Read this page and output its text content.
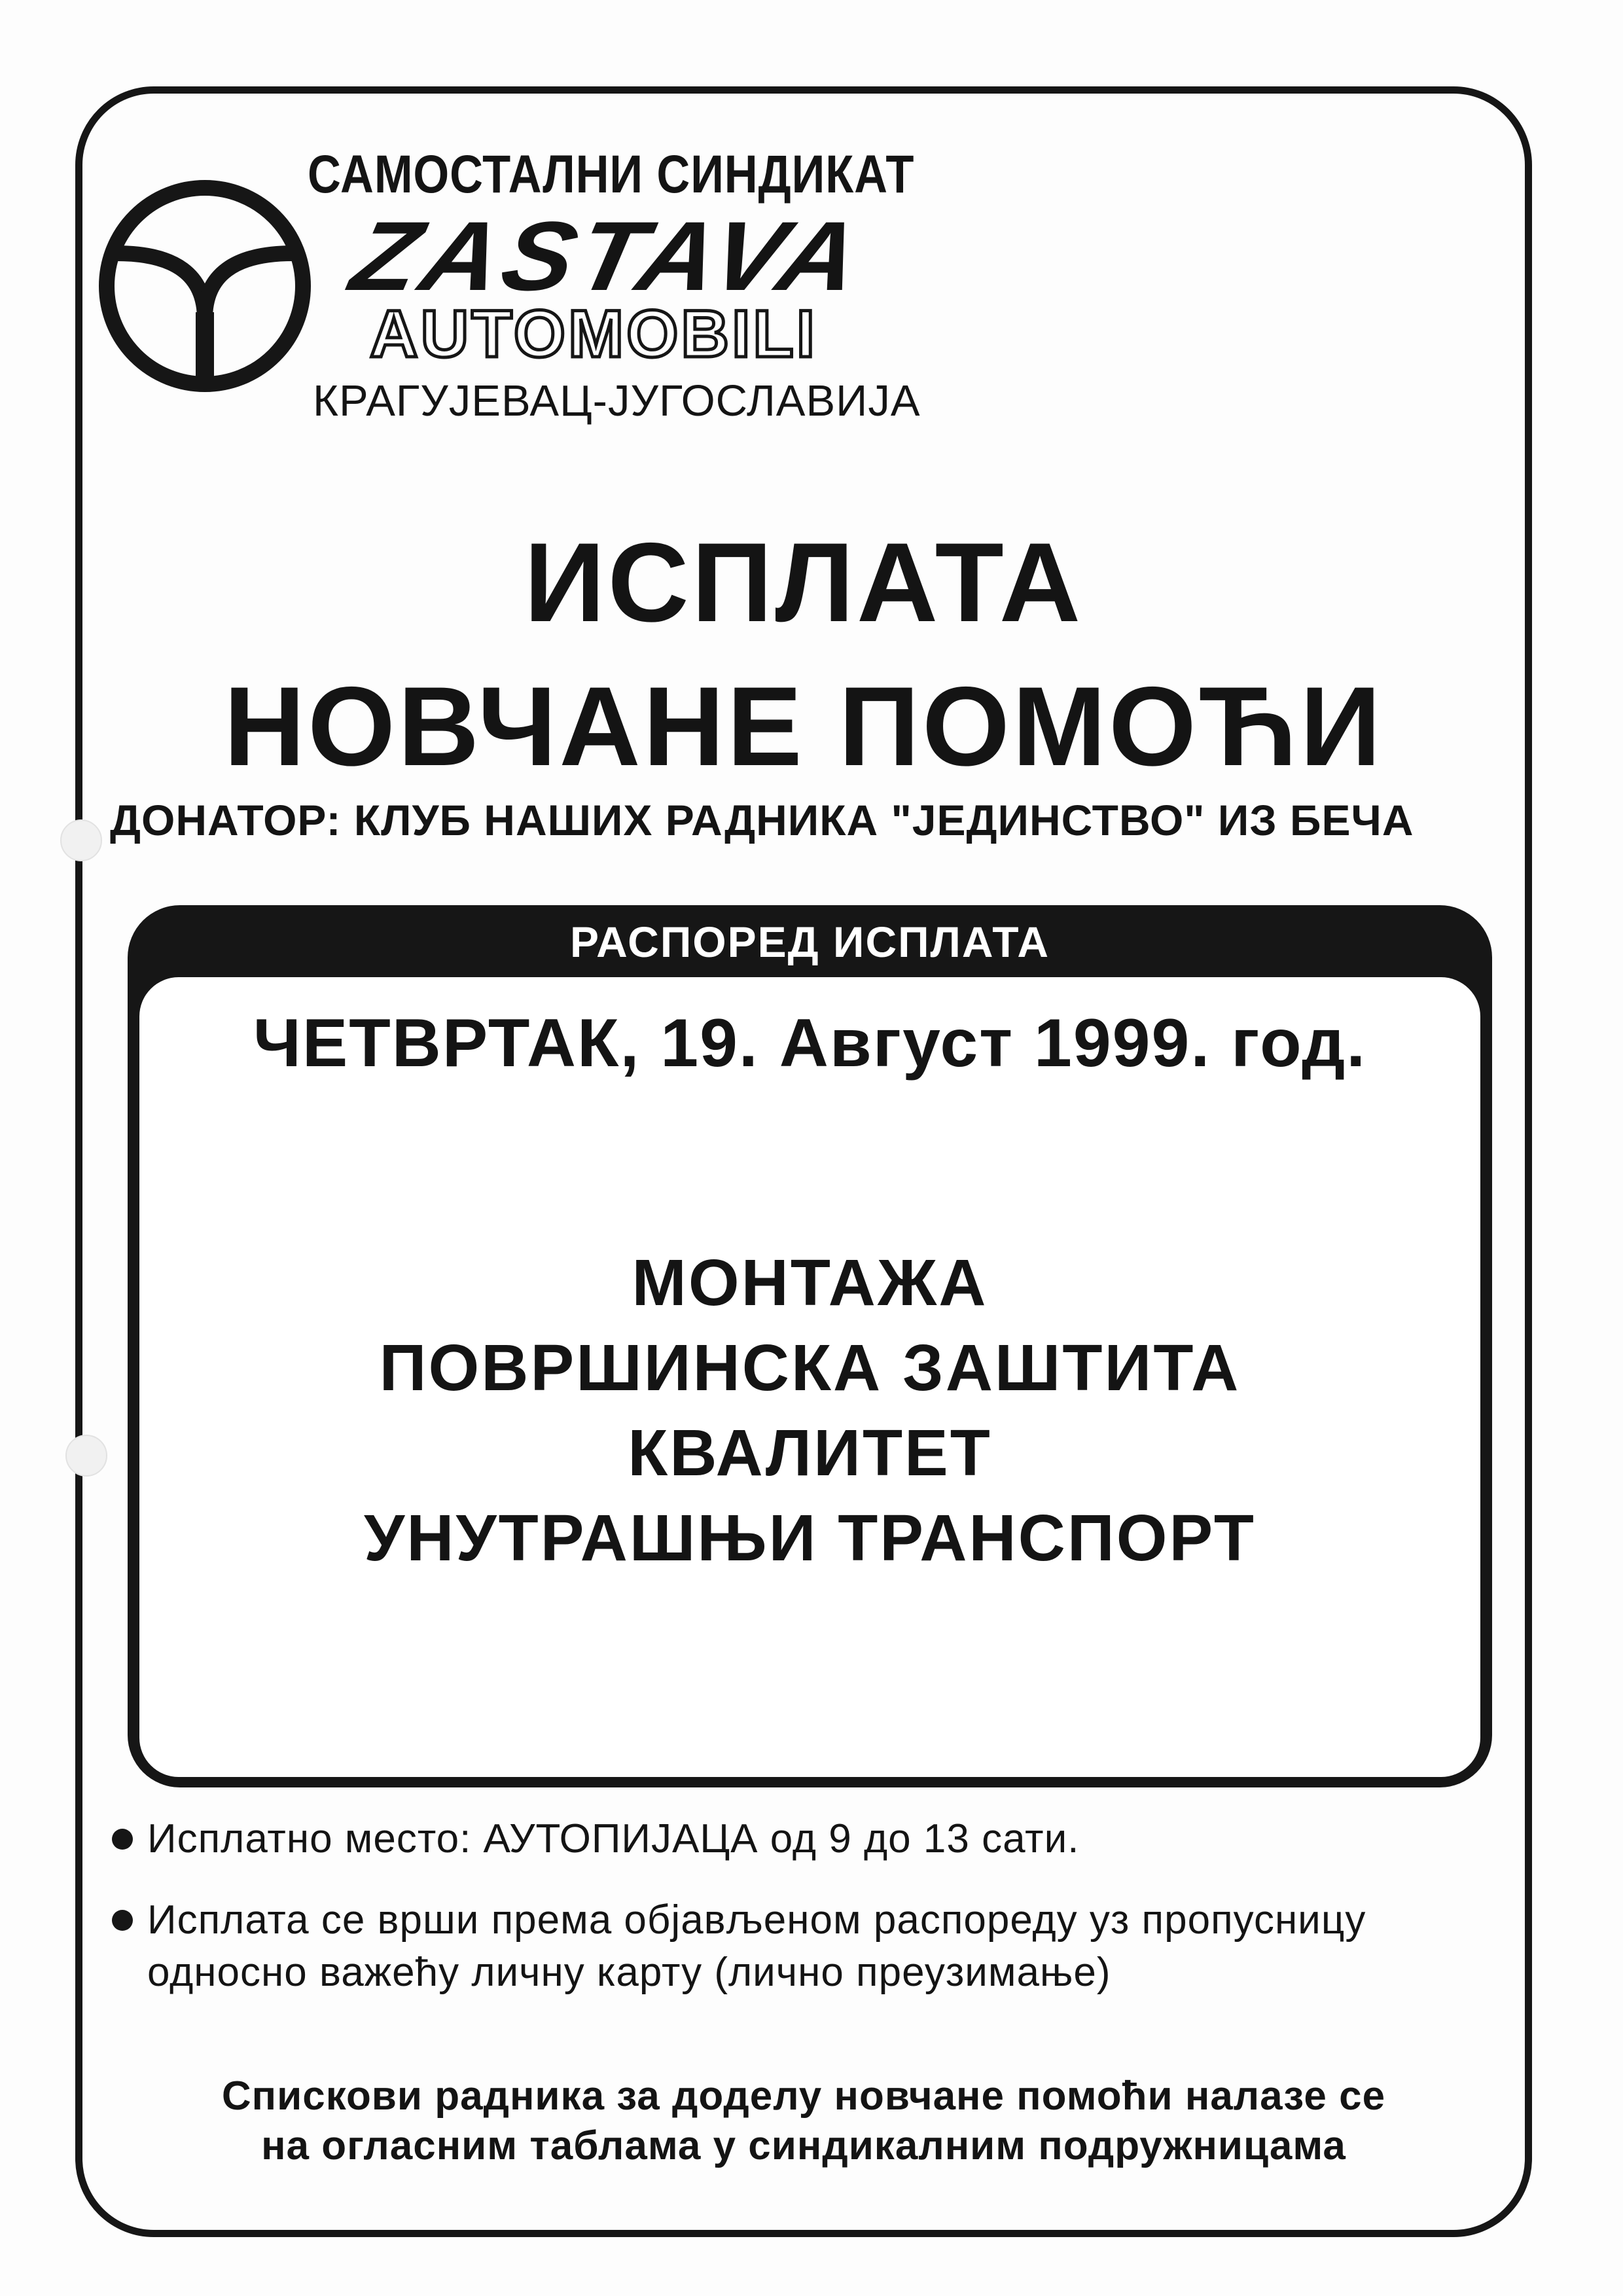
САМОСТАЛНИ СИНДИКАТ

ZASTAVA

AUTOMOBILI

КРАГУЈЕВАЦ-ЈУГОСЛАВИЈА

ИСПЛАТА

НОВЧАНЕ ПОМОЋИ

ДОНАТОР: КЛУБ НАШИХ РАДНИКА "ЈЕДИНСТВО" ИЗ БЕЧА

РАСПОРЕД ИСПЛАТА

ЧЕТВРТАК, 19. Август 1999. год.

МОНТАЖА
ПОВРШИНСКА ЗАШТИТА
КВАЛИТЕТ
УНУТРАШЊИ ТРАНСПОРТ
Исплатно место: АУТОПИЈАЦА од 9 до 13 сати.
Исплата се врши према објављеном распореду уз пропусницу
односно важећу личну карту (лично преузимање)

Спискови радника за доделу новчане помоћи налазе се
на огласним таблама у синдикалним подружницама
